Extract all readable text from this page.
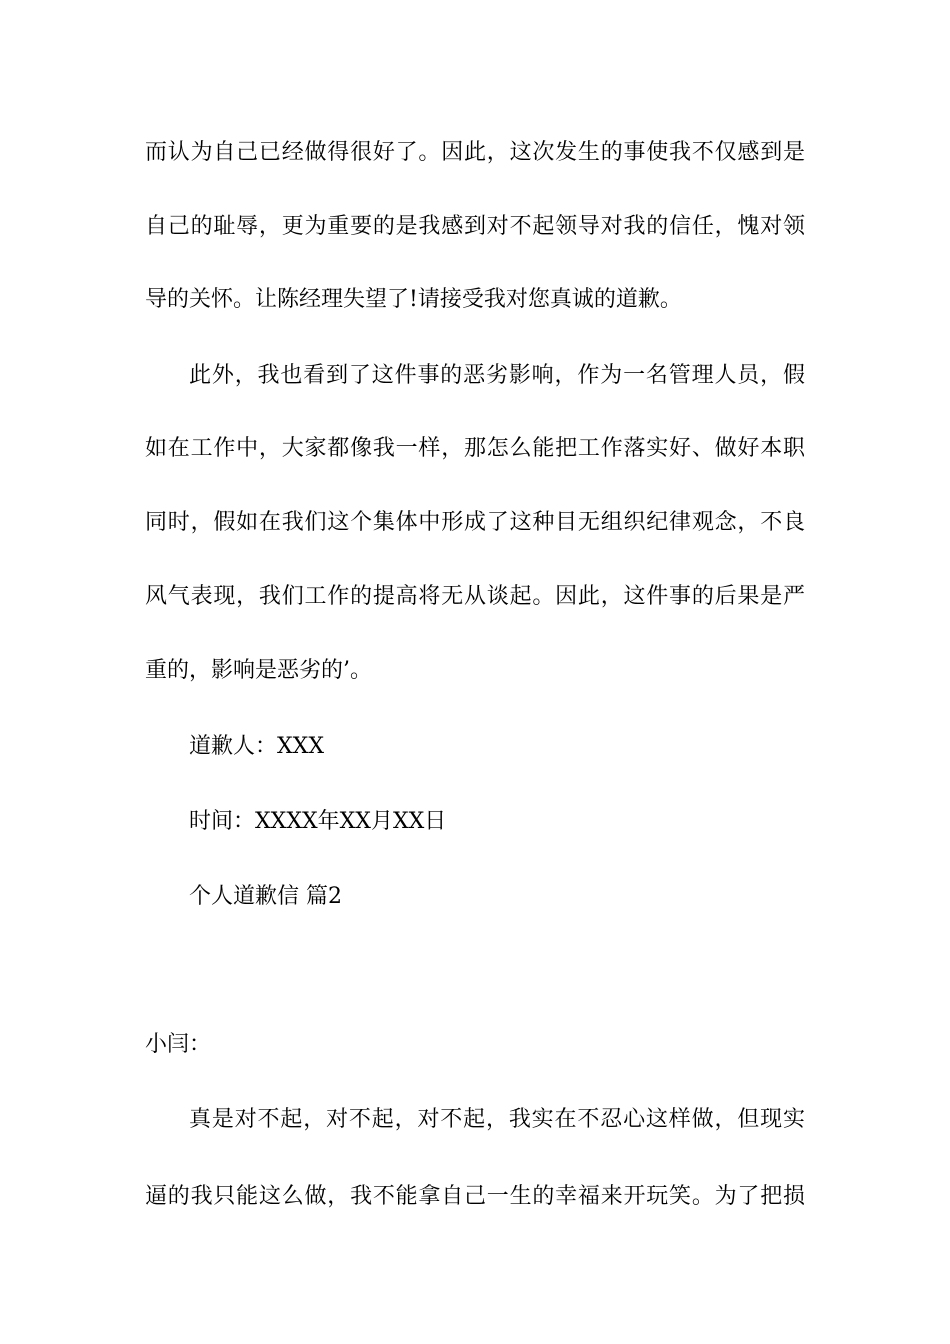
而认为自己已经做得很好了。因此，这次发生的事使我不仅感到是
自己的耻辱，更为重要的是我感到对不起领导对我的信任，愧对领
导的关怀。让陈经理失望了!请接受我对您真诚的道歉。
此外，我也看到了这件事的恶劣影响，作为一名管理人员，假
如在工作中，大家都像我一样，那怎么能把工作落实好、做好本职
同时，假如在我们这个集体中形成了这种目无组织纪律观念，不良
风气表现，我们工作的提高将无从谈起。因此，这件事的后果是严
重的，影响是恶劣的’。
道歉人：XXX
时间：XXXX年XX月XX日
个人道歉信 篇2
小闫：
真是对不起，对不起，对不起，我实在不忍心这样做，但现实
逼的我只能这么做，我不能拿自己一生的幸福来开玩笑。为了把损
